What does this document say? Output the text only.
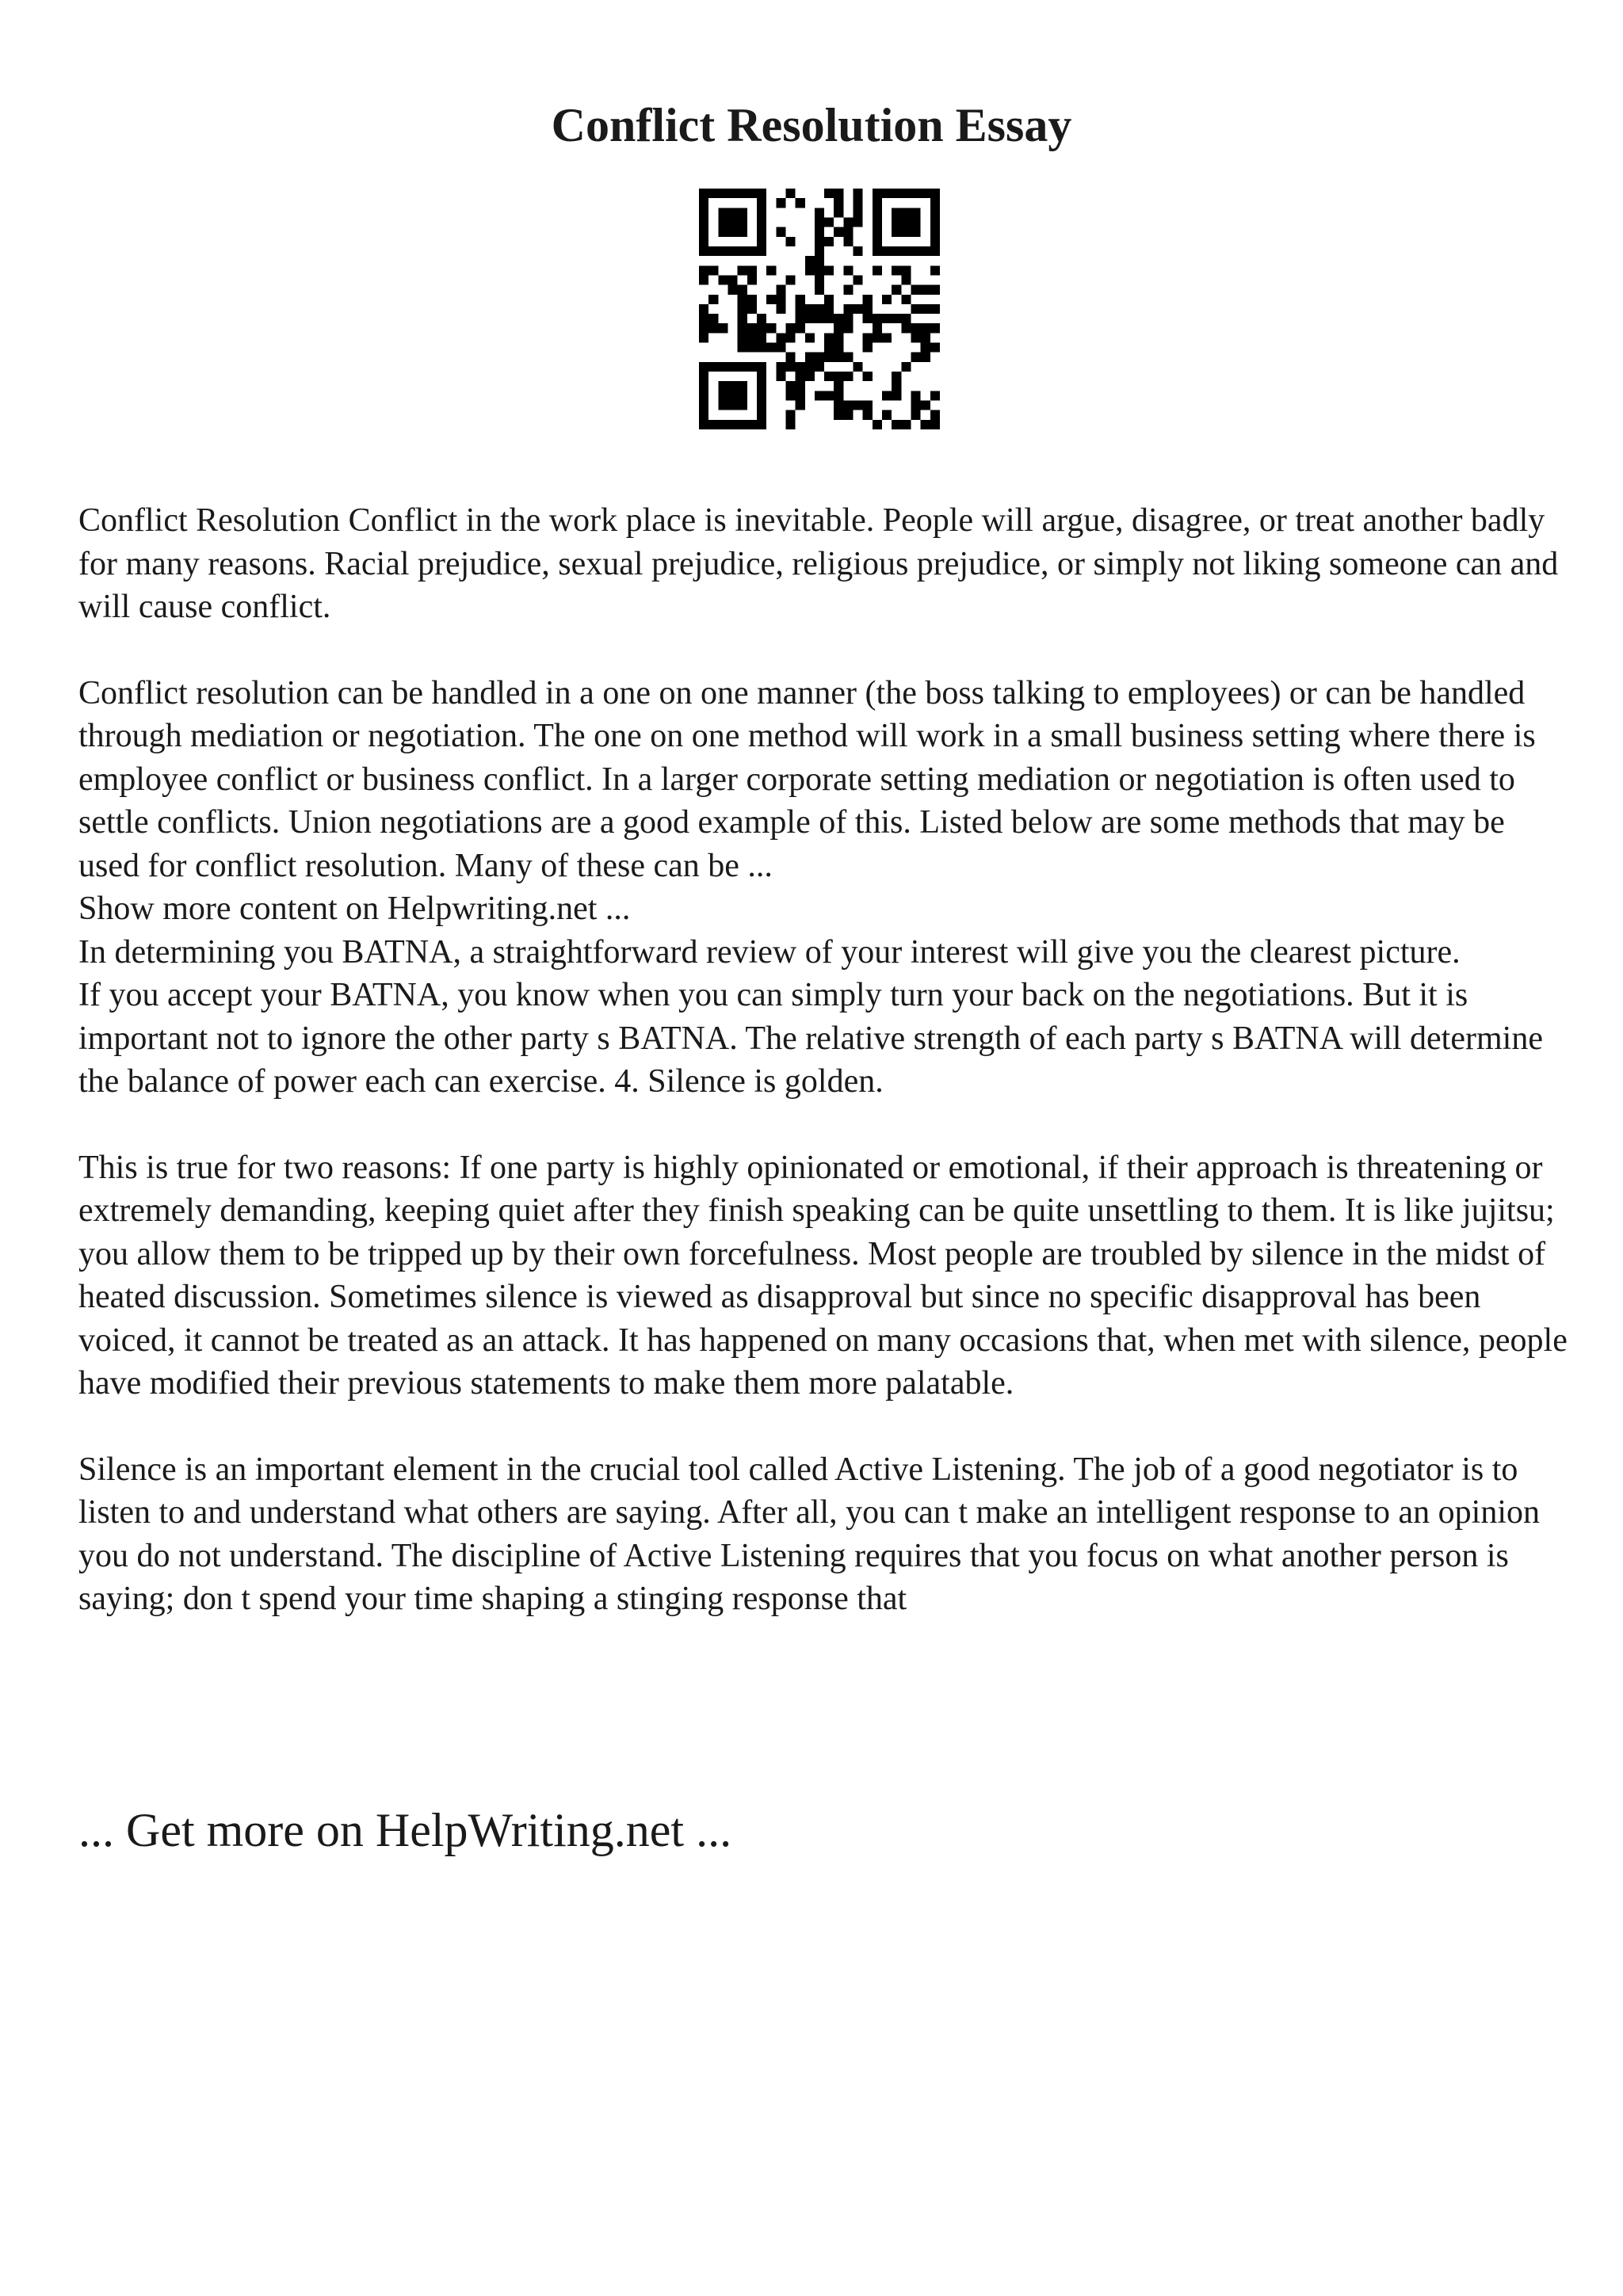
Conflict Resolution Essay

Conflict Resolution Conflict in the work place is inevitable. People will argue, disagree, or treat another badly for many reasons. Racial prejudice, sexual prejudice, religious prejudice, or simply not liking someone can and will cause conflict.

Conflict resolution can be handled in a one on one manner (the boss talking to employees) or can be handled through mediation or negotiation. The one on one method will work in a small business setting where there is employee conflict or business conflict. In a larger corporate setting mediation or negotiation is often used to settle conflicts. Union negotiations are a good example of this. Listed below are some methods that may be used for conflict resolution. Many of these can be ...

Show more content on Helpwriting.net ...

In determining you BATNA, a straightforward review of your interest will give you the clearest picture.

If you accept your BATNA, you know when you can simply turn your back on the negotiations. But it is important not to ignore the other party s BATNA. The relative strength of each party s BATNA will determine the balance of power each can exercise. 4. Silence is golden.

This is true for two reasons: If one party is highly opinionated or emotional, if their approach is threatening or extremely demanding, keeping quiet after they finish speaking can be quite unsettling to them. It is like jujitsu; you allow them to be tripped up by their own forcefulness. Most people are troubled by silence in the midst of heated discussion. Sometimes silence is viewed as disapproval but since no specific disapproval has been voiced, it cannot be treated as an attack. It has happened on many occasions that, when met with silence, people have modified their previous statements to make them more palatable.

Silence is an important element in the crucial tool called Active Listening. The job of a good negotiator is to listen to and understand what others are saying. After all, you can t make an intelligent response to an opinion you do not understand. The discipline of Active Listening requires that you focus on what another person is saying; don t spend your time shaping a stinging response that

... Get more on HelpWriting.net ...
